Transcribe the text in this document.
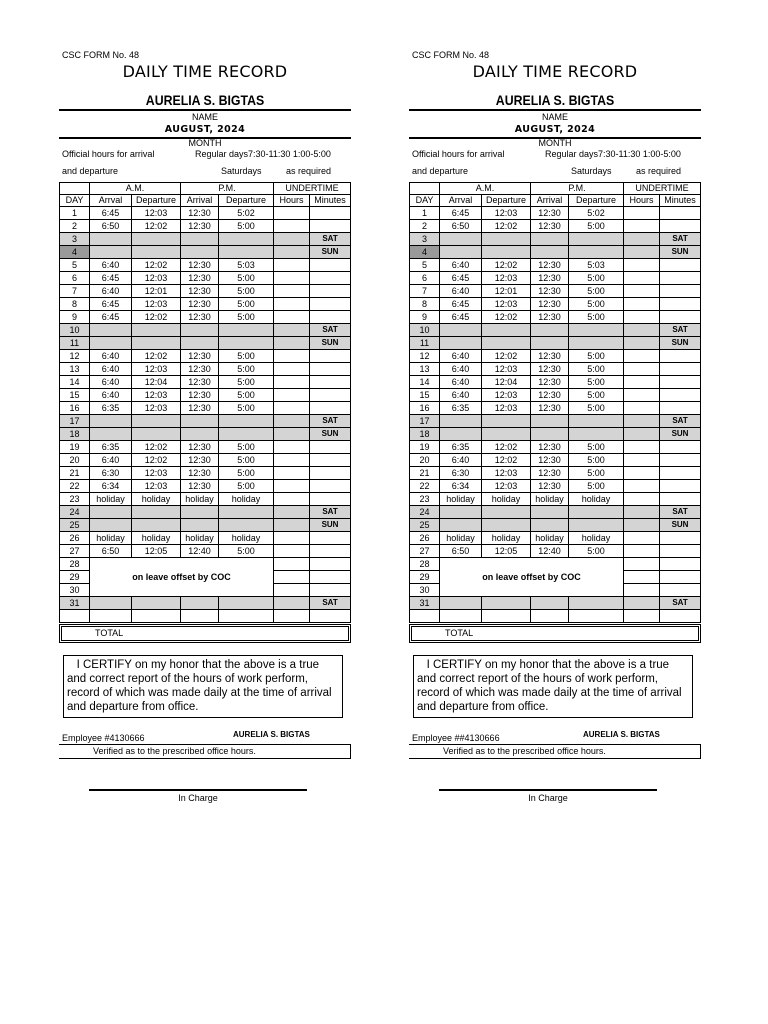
CSC FORM No. 48
DAILY TIME RECORD
AURELIA S. BIGTAS
NAME
AUGUST, 2024
MONTH
Official hours for arrival	Regular days7:30-11:30 1:00-5:00
and departure	Saturdays	as required
	A.M.		P.M.		UNDERTIME	
DAY	Arrval	Departure	Arrival	Departure	Hours	Minutes
1	6:45	12:03	12:30	5:02		
2	6:50	12:02	12:30	5:00		
3						SAT
4						SUN
5	6:40	12:02	12:30	5:03		
6	6:45	12:03	12:30	5:00		
7	6:40	12:01	12:30	5:00		
8	6:45	12:03	12:30	5:00		
9	6:45	12:02	12:30	5:00		
10						SAT
11						SUN
12	6:40	12:02	12:30	5:00		
13	6:40	12:03	12:30	5:00		
14	6:40	12:04	12:30	5:00		
15	6:40	12:03	12:30	5:00		
16	6:35	12:03	12:30	5:00		
17						SAT
18						SUN
19	6:35	12:02	12:30	5:00		
20	6:40	12:02	12:30	5:00		
21	6:30	12:03	12:30	5:00		
22	6:34	12:03	12:30	5:00		
23	holiday	holiday	holiday	holiday		
24						SAT
25						SUN
26	holiday	holiday	holiday	holiday		
27	6:50	12:05	12:40	5:00		
28	on leave offset by COC					
29						
30						
31						SAT

TOTAL
I CERTIFY on my honor that the above is a true and correct report of the hours of work perform, record of which was made daily at the time of arrival and departure from office.
Employee #4130666	AURELIA S. BIGTAS
Verified as to the prescribed office hours.
In Charge
CSC FORM No. 48
DAILY TIME RECORD
AURELIA S. BIGTAS
NAME
AUGUST, 2024
MONTH
Official hours for arrival	Regular days7:30-11:30 1:00-5:00
and departure	Saturdays	as required
	A.M.		P.M.		UNDERTIME	
DAY	Arrval	Departure	Arrival	Departure	Hours	Minutes
1	6:45	12:03	12:30	5:02		
2	6:50	12:02	12:30	5:00		
3						SAT
4						SUN
5	6:40	12:02	12:30	5:03		
6	6:45	12:03	12:30	5:00		
7	6:40	12:01	12:30	5:00		
8	6:45	12:03	12:30	5:00		
9	6:45	12:02	12:30	5:00		
10						SAT
11						SUN
12	6:40	12:02	12:30	5:00		
13	6:40	12:03	12:30	5:00		
14	6:40	12:04	12:30	5:00		
15	6:40	12:03	12:30	5:00		
16	6:35	12:03	12:30	5:00		
17						SAT
18						SUN
19	6:35	12:02	12:30	5:00		
20	6:40	12:02	12:30	5:00		
21	6:30	12:03	12:30	5:00		
22	6:34	12:03	12:30	5:00		
23	holiday	holiday	holiday	holiday		
24						SAT
25						SUN
26	holiday	holiday	holiday	holiday		
27	6:50	12:05	12:40	5:00		
28	on leave offset by COC					
29						
30						
31						SAT

TOTAL
I CERTIFY on my honor that the above is a true and correct report of the hours of work perform, record of which was made daily at the time of arrival and departure from office.
Employee ##4130666	AURELIA S. BIGTAS
Verified as to the prescribed office hours.
In Charge
